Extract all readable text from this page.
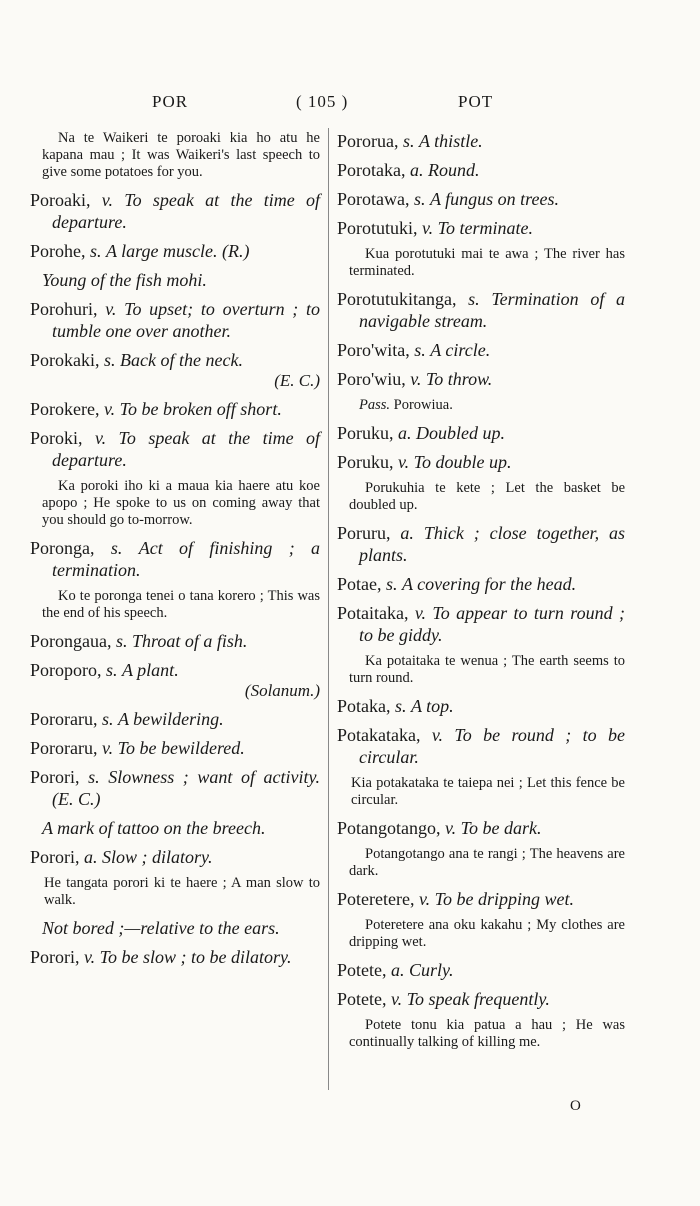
POR	( 105 )	POT
Na te Waikeri te poroaki kia ho atu he kapana mau ; It was Waikeri's last speech to give some potatoes for you.
Poroaki, v. To speak at the time of departure.
Porohe, s. A large muscle. (R.)
Young of the fish mohi.
Porohuri, v. To upset; to overturn ; to tumble one over another.
Porokaki, s. Back of the neck.
(E. C.)
Porokere, v. To be broken off short.
Poroki, v. To speak at the time of departure.
Ka poroki iho ki a maua kia haere atu koe apopo ; He spoke to us on coming away that you should go to-morrow.
Poronga, s. Act of finishing ; a termination.
Ko te poronga tenei o tana korero ; This was the end of his speech.
Porongaua, s. Throat of a fish.
Poroporo, s. A plant.
(Solanum.)
Pororaru, s. A bewildering.
Pororaru, v. To be bewildered.
Porori, s. Slowness ; want of activity. (E. C.)
A mark of tattoo on the breech.
Porori, a. Slow ; dilatory.
He tangata porori ki te haere ; A man slow to walk.
Not bored ;—relative to the ears.
Porori, v. To be slow ; to be dilatory.
Pororua, s. A thistle.
Porotaka, a. Round.
Porotawa, s. A fungus on trees.
Porotutuki, v. To terminate.
Kua porotutuki mai te awa ; The river has terminated.
Porotutukitanga, s. Termination of a navigable stream.
Poro'wita, s. A circle.
Poro'wiu, v. To throw.
Pass. Porowiua.
Poruku, a. Doubled up.
Poruku, v. To double up.
Porukuhia te kete ; Let the basket be doubled up.
Poruru, a. Thick ; close together, as plants.
Potae, s. A covering for the head.
Potaitaka, v. To appear to turn round ; to be giddy.
Ka potaitaka te wenua ; The earth seems to turn round.
Potaka, s. A top.
Potakataka, v. To be round ; to be circular.
Kia potakataka te taiepa nei ; Let this fence be circular.
Potangotango, v. To be dark.
Potangotango ana te rangi ; The heavens are dark.
Poteretere, v. To be dripping wet.
Poteretere ana oku kakahu ; My clothes are dripping wet.
Potete, a. Curly.
Potete, v. To speak frequently.
Potete tonu kia patua a hau ; He was continually talking of killing me.
O
